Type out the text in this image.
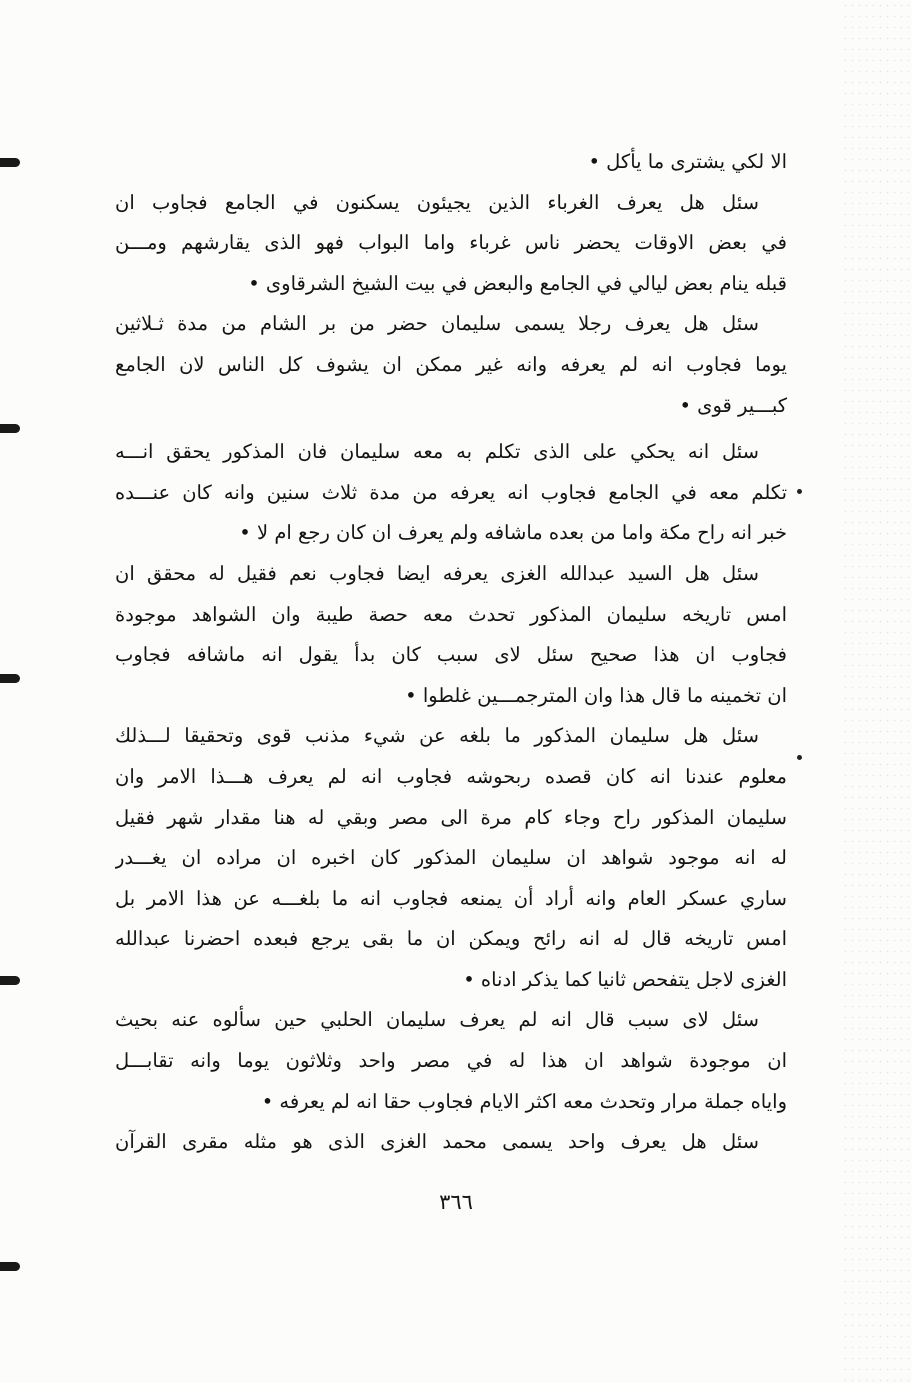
الا لكي يشترى ما يأكل •
سئل هل يعرف الغرباء الذين يجيئون يسكنون في الجامع فجاوب ان
في بعض الاوقات يحضر ناس غرباء واما البواب فهو الذى يقارشهم ومـــن
قبله ينام بعض ليالي في الجامع والبعض في بيت الشيخ الشرقاوى •
سئل هل يعرف رجلا يسمى سليمان حضر من بر الشام من مدة ثـلاثين
يوما فجاوب انه لم يعرفه وانه غير ممكن ان يشوف كل الناس لان الجامع
كبـــير قوى •
سئل انه يحكي على الذى تكلم به معه سليمان فان المذكور يحقق انـــه
تكلم معه في الجامع فجاوب انه يعرفه من مدة ثلاث سنين وانه كان عنـــده
خبر انه راح مكة واما من بعده ماشافه ولم يعرف ان كان رجع ام لا •
سئل هل السيد عبدالله الغزى يعرفه ايضا فجاوب نعم فقيل له محقق ان
امس تاريخه سليمان المذكور تحدث معه حصة طيبة وان الشواهد موجودة
فجاوب ان هذا صحيح سئل لاى سبب كان بدأ يقول انه ماشافه فجاوب
ان تخمينه ما قال هذا وان المترجمـــين غلطوا •
سئل هل سليمان المذكور ما بلغه عن شيء مذنب قوى وتحقيقا لـــذلك
معلوم عندنا انه كان قصده ربحوشه فجاوب انه لم يعرف هـــذا الامر وان
سليمان المذكور راح وجاء كام مرة الى مصر وبقي له هنا مقدار شهر فقيل
له انه موجود شواهد ان سليمان المذكور كان اخبره ان مراده ان يغـــدر
ساري عسكر العام وانه أراد أن يمنعه فجاوب انه ما بلغـــه عن هذا الامر بل
امس تاريخه قال له انه رائح ويمكن ان ما بقى يرجع فبعده احضرنا عبدالله
الغزى لاجل يتفحص ثانيا كما يذكر ادناه •
سئل لاى سبب قال انه لم يعرف سليمان الحلبي حين سألوه عنه بحيث
ان موجودة شواهد ان هذا له في مصر واحد وثلاثون يوما وانه تقابـــل
واياه جملة مرار وتحدث معه اكثر الايام فجاوب حقا انه لم يعرفه •
سئل هل يعرف واحد يسمى محمد الغزى الذى هو مثله مقرى القرآن
٣٦٦
